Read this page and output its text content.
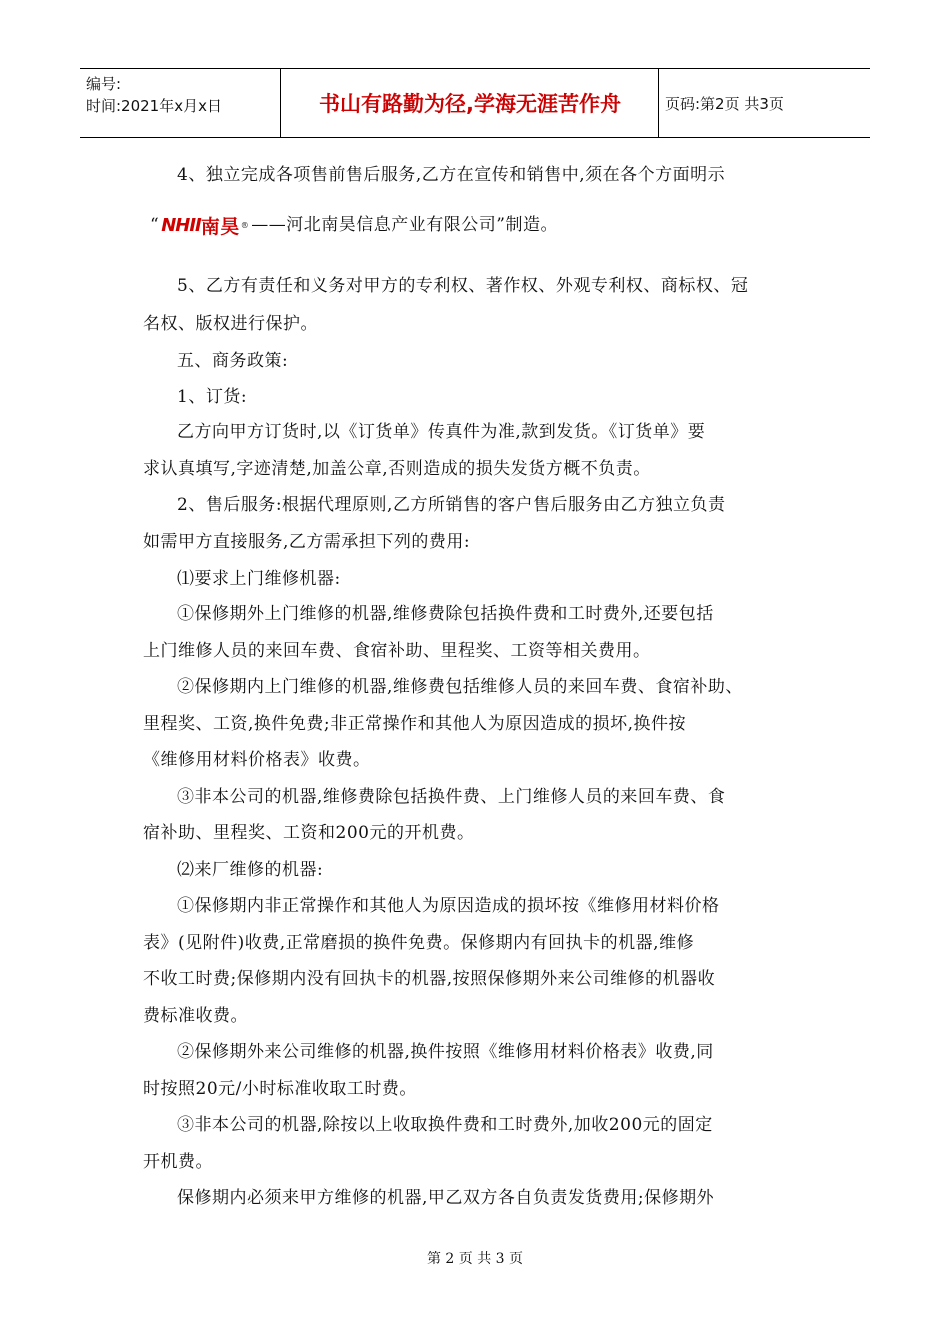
编号:
时间:2021年x月x日	书山有路勤为径,学海无涯苦作舟	页码:第2页 共3页
4、独立完成各项售前售后服务,乙方在宣传和销售中,须在各个方面明示
“ NHII 南昊 ® ——河北南昊信息产业有限公司”制造。
5、乙方有责任和义务对甲方的专利权、著作权、外观专利权、商标权、冠
名权、版权进行保护。
五、商务政策:
1、订货:
乙方向甲方订货时,以《订货单》传真件为准,款到发货。《订货单》要
求认真填写,字迹清楚,加盖公章,否则造成的损失发货方概不负责。
2、售后服务:根据代理原则,乙方所销售的客户售后服务由乙方独立负责
如需甲方直接服务,乙方需承担下列的费用:
⑴要求上门维修机器:
①保修期外上门维修的机器,维修费除包括换件费和工时费外,还要包括
上门维修人员的来回车费、食宿补助、里程奖、工资等相关费用。
②保修期内上门维修的机器,维修费包括维修人员的来回车费、食宿补助、
里程奖、工资,换件免费;非正常操作和其他人为原因造成的损坏,换件按
《维修用材料价格表》收费。
③非本公司的机器,维修费除包括换件费、上门维修人员的来回车费、食
宿补助、里程奖、工资和200元的开机费。
⑵来厂维修的机器:
①保修期内非正常操作和其他人为原因造成的损坏按《维修用材料价格
表》(见附件)收费,正常磨损的换件免费。保修期内有回执卡的机器,维修
不收工时费;保修期内没有回执卡的机器,按照保修期外来公司维修的机器收
费标准收费。
②保修期外来公司维修的机器,换件按照《维修用材料价格表》收费,同
时按照20元/小时标准收取工时费。
③非本公司的机器,除按以上收取换件费和工时费外,加收200元的固定
开机费。
保修期内必须来甲方维修的机器,甲乙双方各自负责发货费用;保修期外
第 2 页 共 3 页
